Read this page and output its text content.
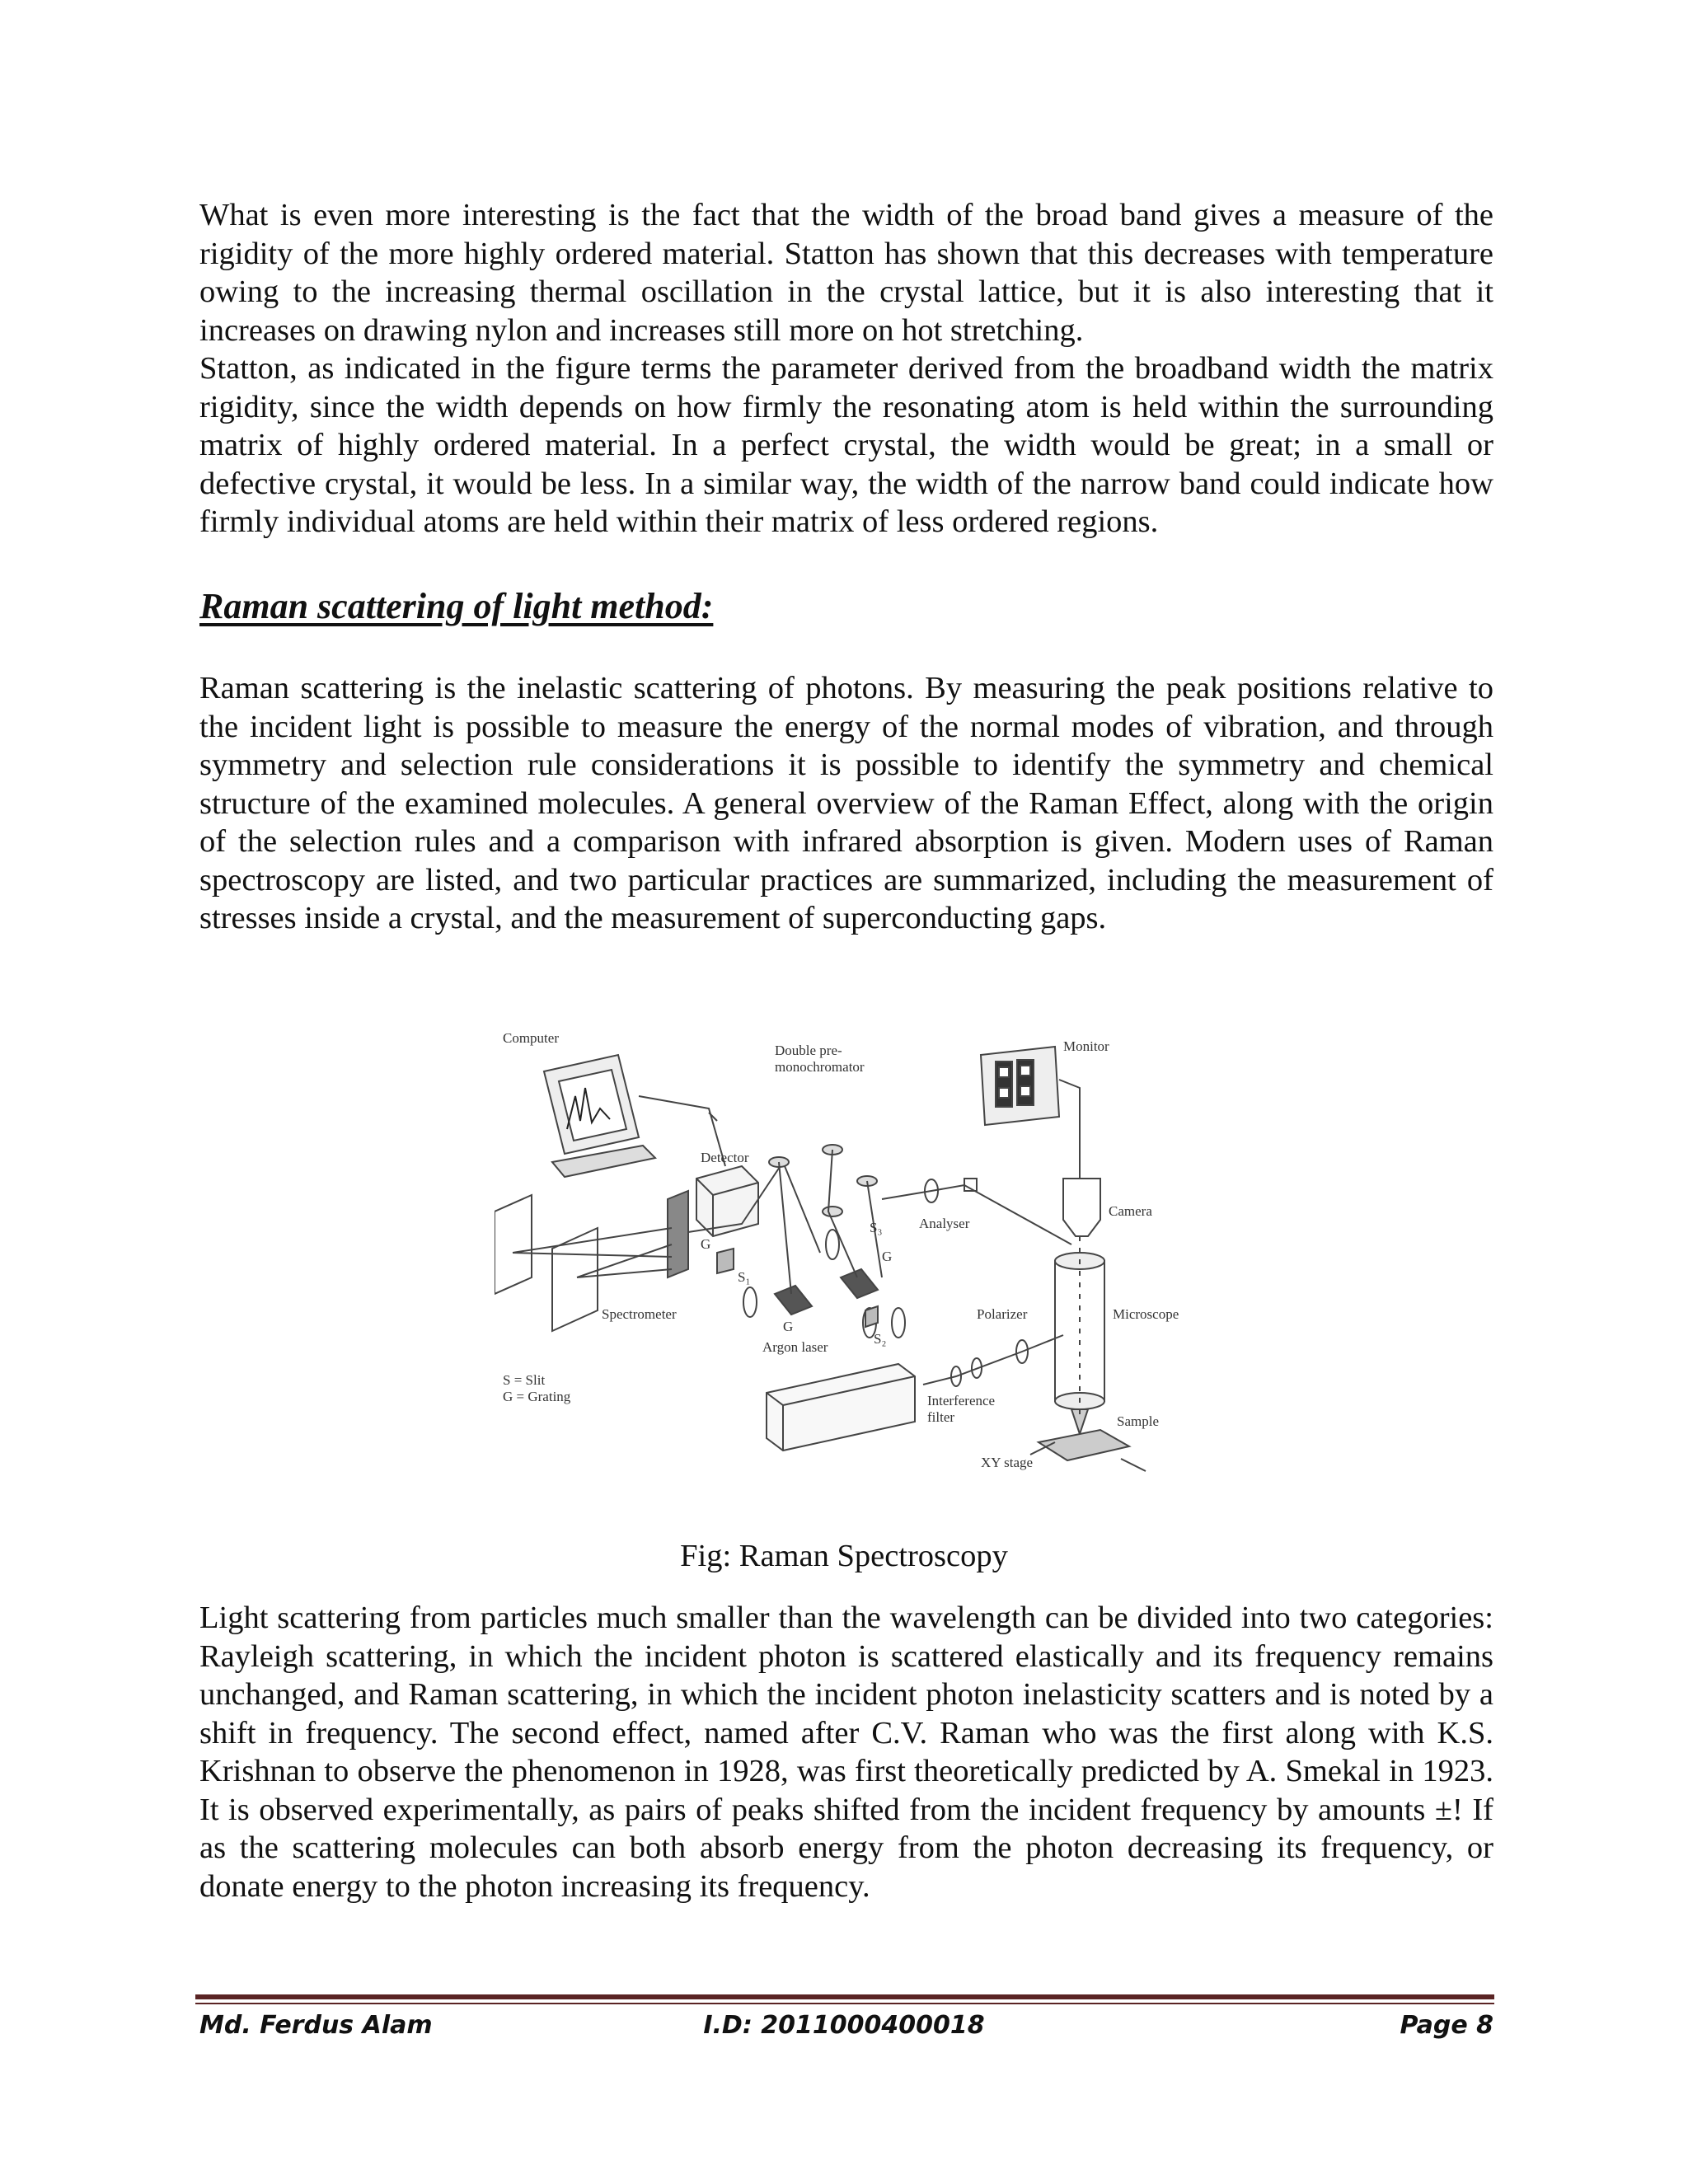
What is even more interesting is the fact that the width of the broad band gives a measure of the rigidity of the more highly ordered material. Statton has shown that this decreases with temperature owing to the increasing thermal oscillation in the crystal lattice, but it is also interesting that it increases on drawing nylon and increases still more on hot stretching.

Statton, as indicated in the figure terms the parameter derived from the broadband width the matrix rigidity, since the width depends on how firmly the resonating atom is held within the surrounding matrix of highly ordered material. In a perfect crystal, the width would be great; in a small or defective crystal, it would be less. In a similar way, the width of the narrow band could indicate how firmly individual atoms are held within their matrix of less ordered regions.

Raman scattering of light method:

Raman scattering is the inelastic scattering of photons. By measuring the peak positions relative to the incident light is possible to measure the energy of the normal modes of vibration, and through symmetry and selection rule considerations it is possible to identify the symmetry and chemical structure of the examined molecules. A general overview of the Raman Effect, along with the origin of the selection rules and a comparison with infrared absorption is given. Modern uses of Raman spectroscopy are listed, and two particular practices are summarized, including the measurement of stresses inside a crystal, and the measurement of superconducting gaps.

Computer
Double pre-
monochromator
Monitor
Detector
Camera
Analyser
Microscope
Spectrometer	Polarizer
Argon laser
Interference
filter	Sample
XY stage
S = Slit
G = Grating
G
G
G
S₁
S₂
S₃
Fig: Raman Spectroscopy

Light scattering from particles much smaller than the wavelength can be divided into two categories: Rayleigh scattering, in which the incident photon is scattered elastically and its frequency remains unchanged, and Raman scattering, in which the incident photon inelasticity scatters and is noted by a shift in frequency. The second effect, named after C.V. Raman who was the first along with K.S. Krishnan to observe the phenomenon in 1928, was first theoretically predicted by A. Smekal in 1923. It is observed experimentally, as pairs of peaks shifted from the incident frequency by amounts ±! If as the scattering molecules can both absorb energy from the photon decreasing its frequency, or donate energy to the photon increasing its frequency.

Md. Ferdus Alam	I.D: 2011000400018	Page 8
